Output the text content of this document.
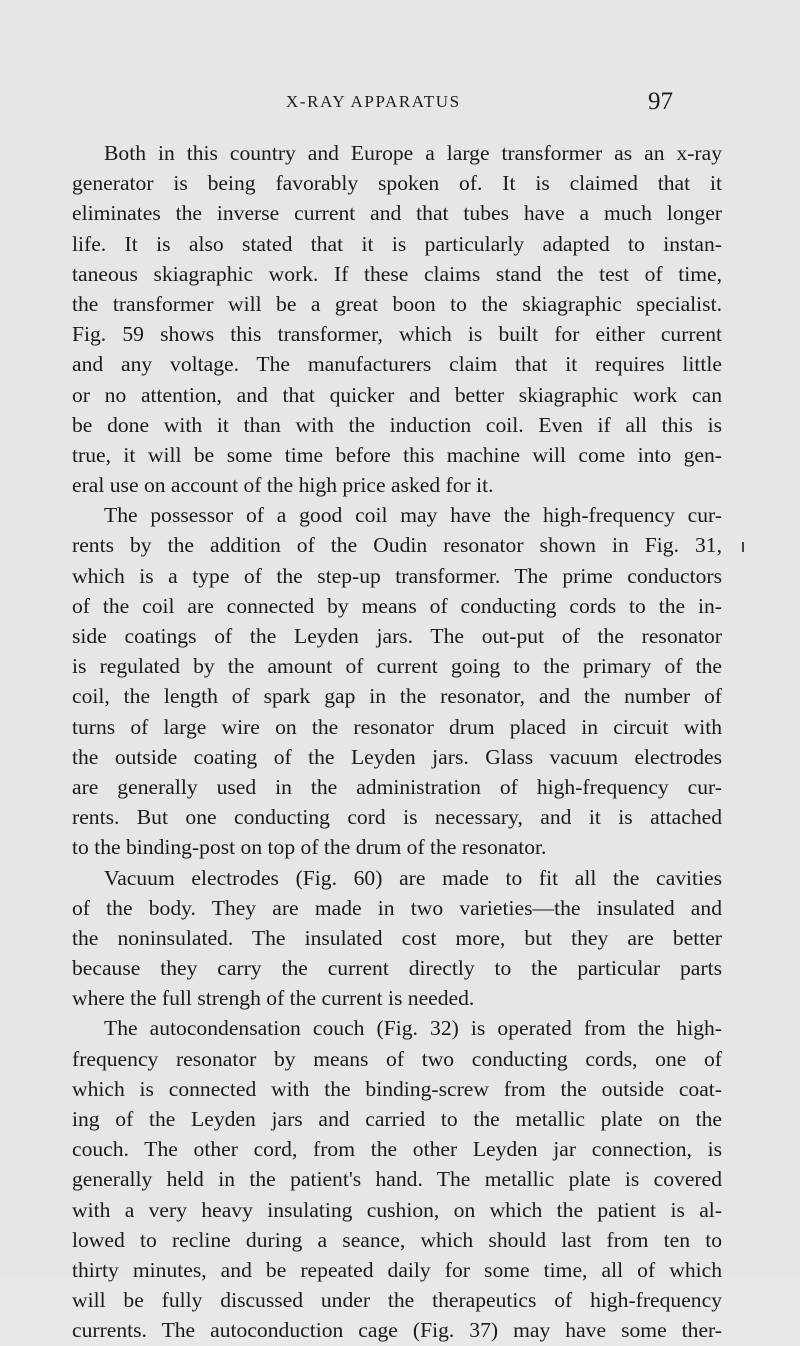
X-RAY APPARATUS	97
Both in this country and Europe a large transformer as an x-ray
generator is being favorably spoken of. It is claimed that it
eliminates the inverse current and that tubes have a much longer
life. It is also stated that it is particularly adapted to instan-
taneous skiagraphic work. If these claims stand the test of time,
the transformer will be a great boon to the skiagraphic specialist.
Fig. 59 shows this transformer, which is built for either current
and any voltage. The manufacturers claim that it requires little
or no attention, and that quicker and better skiagraphic work can
be done with it than with the induction coil. Even if all this is
true, it will be some time before this machine will come into gen-
eral use on account of the high price asked for it.
The possessor of a good coil may have the high-frequency cur-
rents by the addition of the Oudin resonator shown in Fig. 31,
which is a type of the step-up transformer. The prime conductors
of the coil are connected by means of conducting cords to the in-
side coatings of the Leyden jars. The out-put of the resonator
is regulated by the amount of current going to the primary of the
coil, the length of spark gap in the resonator, and the number of
turns of large wire on the resonator drum placed in circuit with
the outside coating of the Leyden jars. Glass vacuum electrodes
are generally used in the administration of high-frequency cur-
rents. But one conducting cord is necessary, and it is attached
to the binding-post on top of the drum of the resonator.
Vacuum electrodes (Fig. 60) are made to fit all the cavities
of the body. They are made in two varieties—the insulated and
the noninsulated. The insulated cost more, but they are better
because they carry the current directly to the particular parts
where the full strengh of the current is needed.
The autocondensation couch (Fig. 32) is operated from the high-
frequency resonator by means of two conducting cords, one of
which is connected with the binding-screw from the outside coat-
ing of the Leyden jars and carried to the metallic plate on the
couch. The other cord, from the other Leyden jar connection, is
generally held in the patient's hand. The metallic plate is covered
with a very heavy insulating cushion, on which the patient is al-
lowed to recline during a seance, which should last from ten to
thirty minutes, and be repeated daily for some time, all of which
will be fully discussed under the therapeutics of high-frequency
currents. The autoconduction cage (Fig. 37) may have some ther-
